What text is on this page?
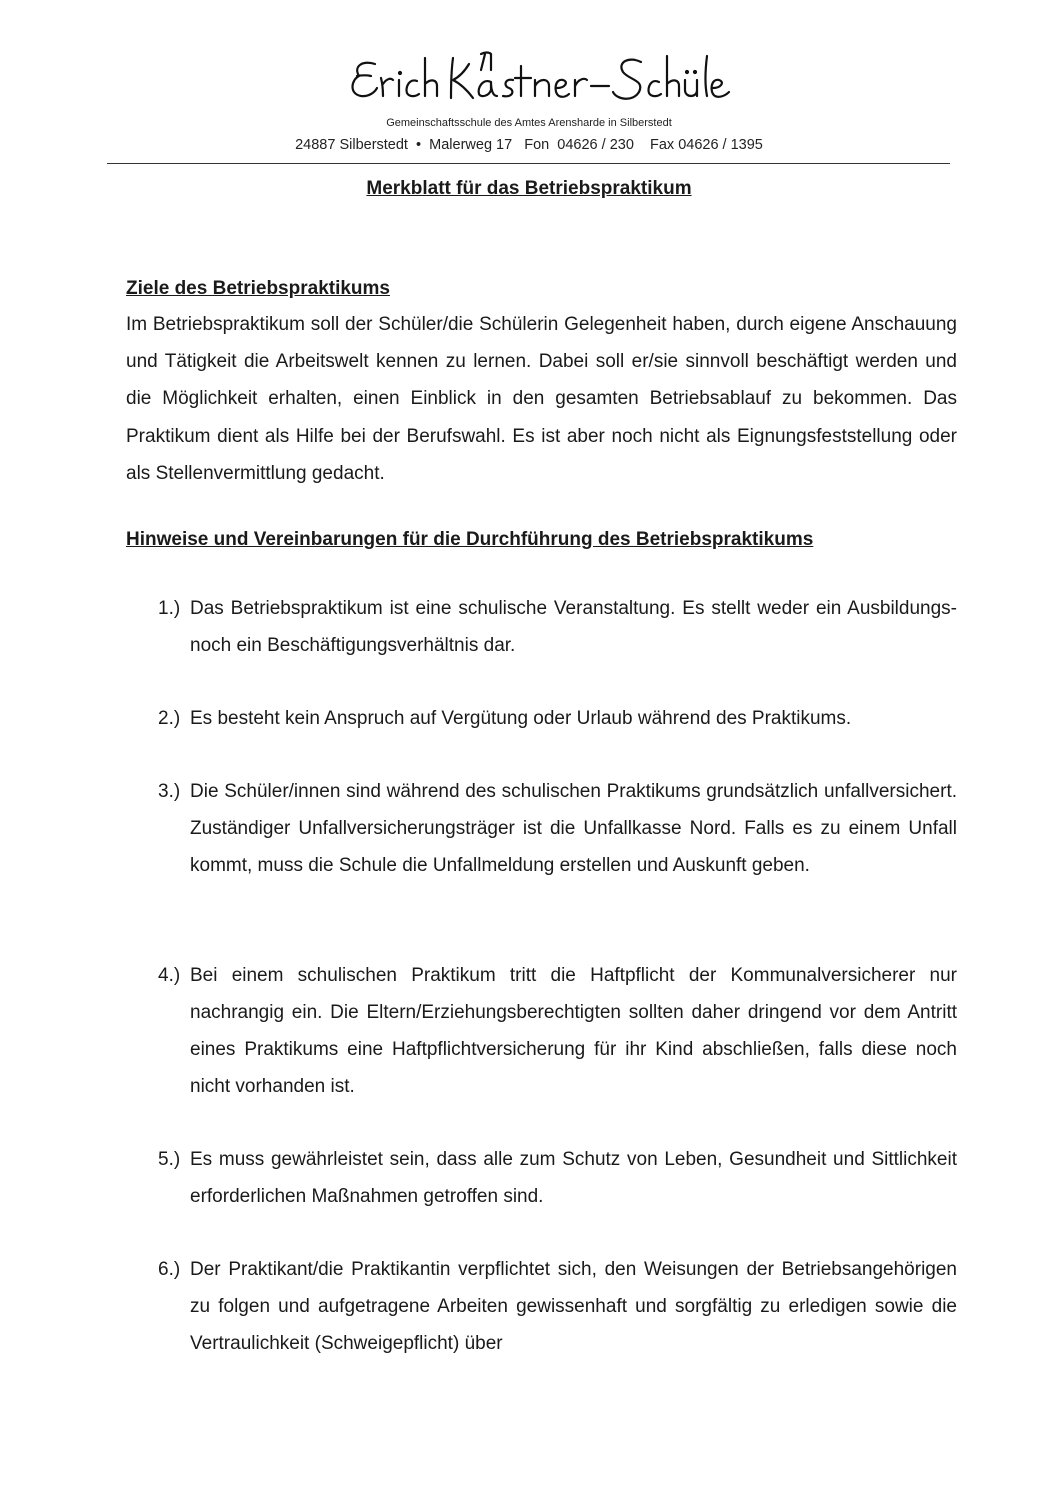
Gemeinschaftsschule des Amtes Arensharde in Silberstedt
24887 Silberstedt  •  Malerweg 17   Fon  04626 / 230    Fax 04626 / 1395
Merkblatt für das Betriebspraktikum
Ziele des Betriebspraktikums

Im Betriebspraktikum soll der Schüler/die Schülerin Gelegenheit haben, durch eigene Anschauung und Tätigkeit die Arbeitswelt kennen zu lernen. Dabei soll er/sie sinnvoll beschäftigt werden und die Möglichkeit erhalten, einen Einblick in den gesamten Betriebsablauf zu bekommen. Das Praktikum dient als Hilfe bei der Berufswahl. Es ist aber noch nicht als Eignungsfeststellung oder als Stellenvermittlung gedacht.

Hinweise und Vereinbarungen für die Durchführung des Betriebspraktikums
1.) Das Betriebspraktikum ist eine schulische Veranstaltung. Es stellt weder ein Ausbildungs- noch ein Beschäftigungsverhältnis dar.
2.) Es besteht kein Anspruch auf Vergütung oder Urlaub während des Praktikums.
3.) Die Schüler/innen sind während des schulischen Praktikums grundsätzlich unfallversichert. Zuständiger Unfallversicherungsträger ist die Unfallkasse Nord. Falls es zu einem Unfall kommt, muss die Schule die Unfallmeldung erstellen und Auskunft geben.
4.) Bei einem schulischen Praktikum tritt die Haftpflicht der Kommunalversicherer nur nachrangig ein. Die Eltern/Erziehungsberechtigten sollten daher dringend vor dem Antritt eines Praktikums eine Haftpflichtversicherung für ihr Kind abschließen, falls diese noch nicht vorhanden ist.
5.) Es muss gewährleistet sein, dass alle zum Schutz von Leben, Gesundheit und Sittlichkeit erforderlichen Maßnahmen getroffen sind.
6.) Der Praktikant/die Praktikantin verpflichtet sich, den Weisungen der Betriebsangehörigen zu folgen und aufgetragene Arbeiten gewissenhaft und sorgfältig zu erledigen sowie die Vertraulichkeit (Schweigepflicht) über
